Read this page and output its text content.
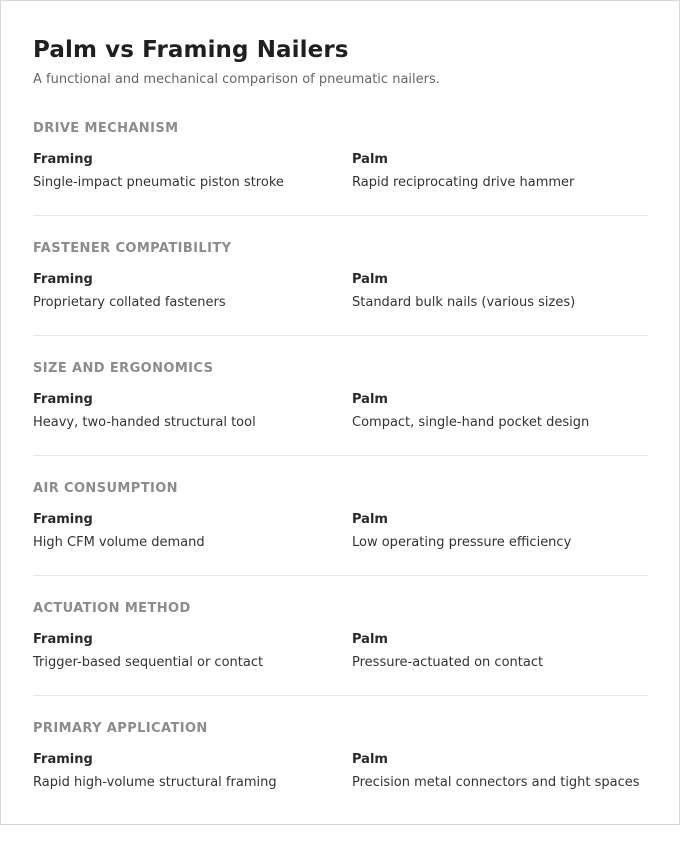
Palm vs Framing Nailers

A functional and mechanical comparison of pneumatic nailers.

DRIVE MECHANISM
Framing
Single-impact pneumatic piston stroke
Palm
Rapid reciprocating drive hammer
FASTENER COMPATIBILITY
Framing
Proprietary collated fasteners
Palm
Standard bulk nails (various sizes)
SIZE AND ERGONOMICS
Framing
Heavy, two-handed structural tool
Palm
Compact, single-hand pocket design
AIR CONSUMPTION
Framing
High CFM volume demand
Palm
Low operating pressure efficiency
ACTUATION METHOD
Framing
Trigger-based sequential or contact
Palm
Pressure-actuated on contact
PRIMARY APPLICATION
Framing
Rapid high-volume structural framing
Palm
Precision metal connectors and tight spaces
